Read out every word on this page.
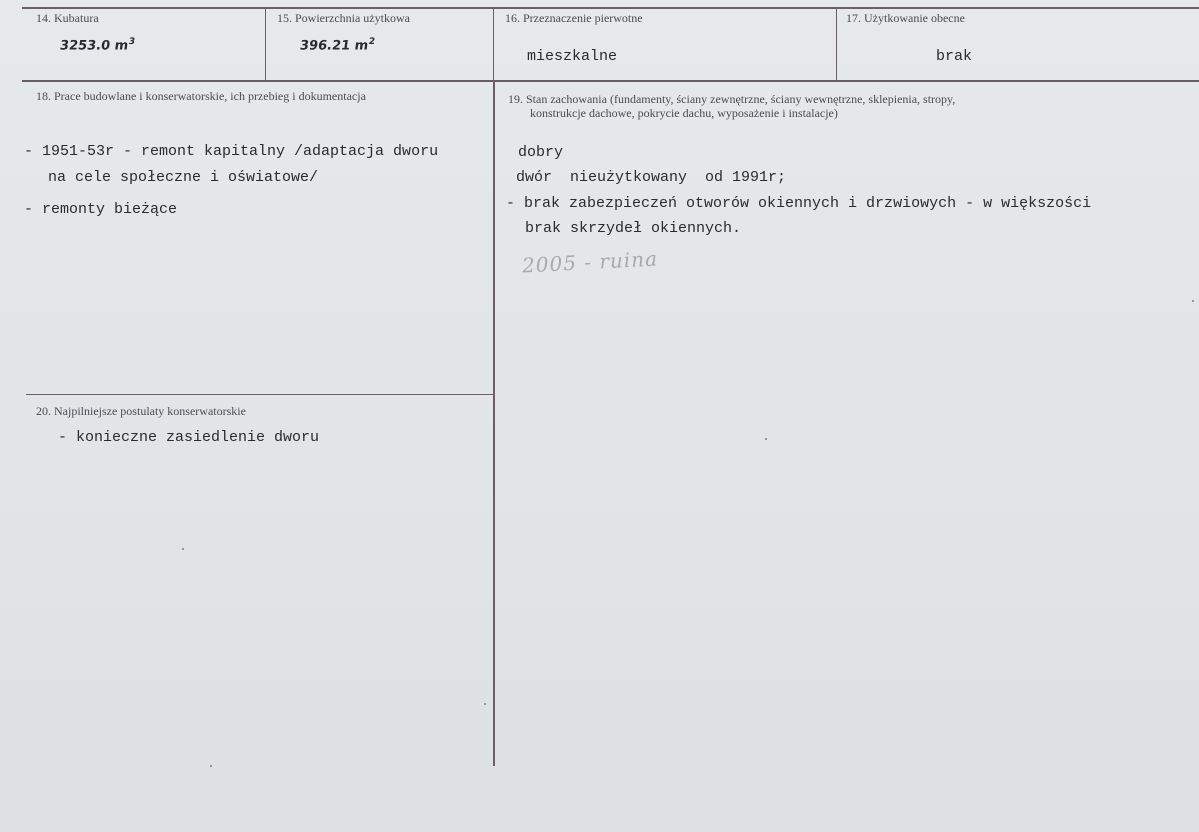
14. Kubatura
3253.0 $m^3$
15. Powierzchnia użytkowa
396.21 $m^2$
16. Przeznaczenie pierwotne
mieszkalne
17. Użytkowanie obecne
brak
18. Prace budowlane i konserwatorskie, ich przebieg i dokumentacja
- 1951-53r - remont kapitalny /adaptacja dworu
na cele społeczne i oświatowe/
- remonty bieżące
19. Stan zachowania (fundamenty, ściany zewnętrzne, ściany wewnętrzne, sklepienia, stropy,
konstrukcje dachowe, pokrycie dachu, wyposażenie i instalacje)
dobry
dwór  nieużytkowany  od 1991r;
- brak zabezpieczeń otworów okiennych i drzwiowych - w większości
brak skrzydeł okiennych.
2005 - ruina
20. Najpilniejsze postulaty konserwatorskie
- konieczne zasiedlenie dworu
